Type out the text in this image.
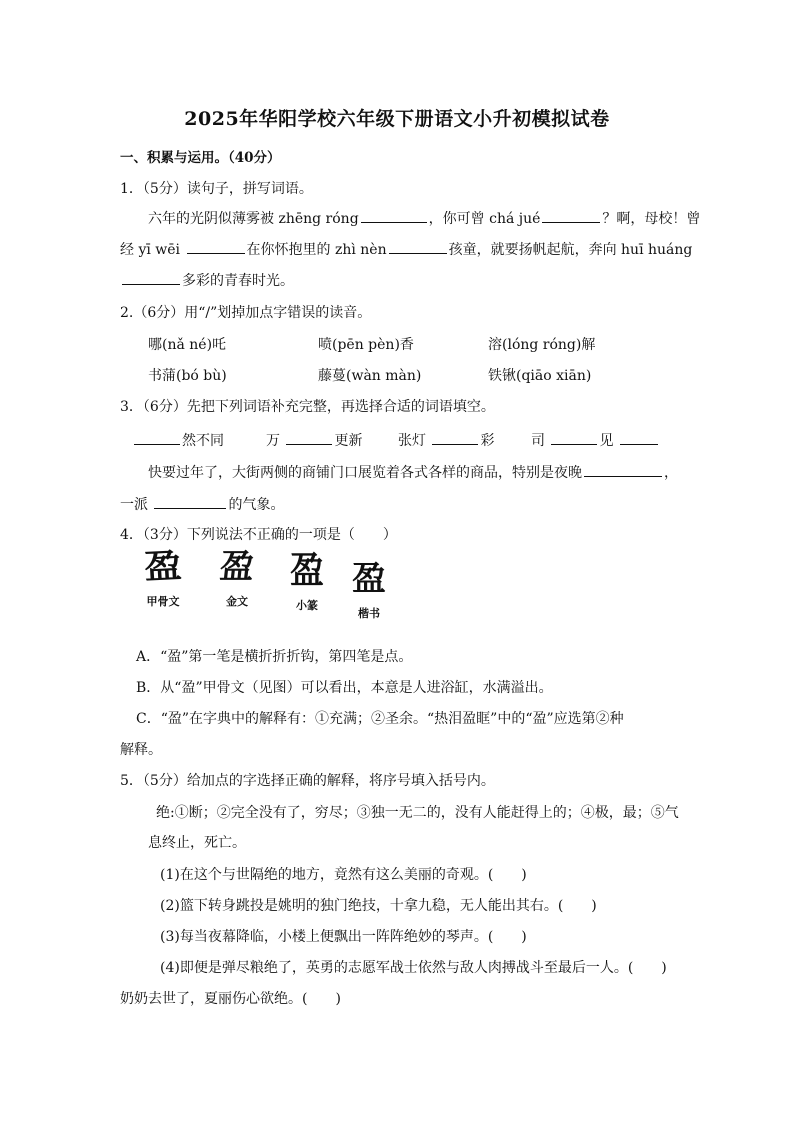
2025年华阳学校六年级下册语文小升初模拟试卷
一、积累与运用。（40分）
1．（5分）读句子，拼写词语。
六年的光阴似薄雾被 zhēng róng	，你可曾 chá jué	？啊，母校！曾
经 yī wēi	在你怀抱里的 zhì nèn	孩童，就要扬帆起航，奔向 huī huáng
多彩的青春时光。
2.（6分）用“/”划掉加点字错误的读音。
哪(nǎ né)吒	喷(pēn pèn)香	溶(lóng róng)解
书蒲(bó bù)	藤蔓(wàn màn)	铁锹(qiāo xiān)
3．（6分）先把下列词语补充完整，再选择合适的词语填空。
然不同	万	更新	张灯	彩	司	见
快要过年了，大街两侧的商铺门口展览着各式各样的商品，特别是夜晚	，
一派	的气象。
4．（3分）下列说法不正确的一项是（　　）
盈
甲骨文
盈
金文
盈
小篆
盈
楷书
A．“盈”第一笔是横折折折钩，第四笔是点。
B．从“盈”甲骨文（见图）可以看出，本意是人进浴缸，水满溢出。
C．“盈”在字典中的解释有：①充满；②圣余。“热泪盈眶”中的“盈”应选第②种
解释。
5．（5分）给加点的字选择正确的解释，将序号填入括号内。
绝:①断；②完全没有了，穷尽；③独一无二的，没有人能赶得上的；④极，最；⑤气
息终止，死亡。
(1)在这个与世隔绝的地方，竟然有这么美丽的奇观。(　　)
(2)篮下转身跳投是姚明的独门绝技，十拿九稳，无人能出其右。(　　)
(3)每当夜幕降临，小楼上便飘出一阵阵绝妙的琴声。(　　)
(4)即便是弹尽粮绝了，英勇的志愿军战士依然与敌人肉搏战斗至最后一人。(　　)
奶奶去世了，夏丽伤心欲绝。(　　)
